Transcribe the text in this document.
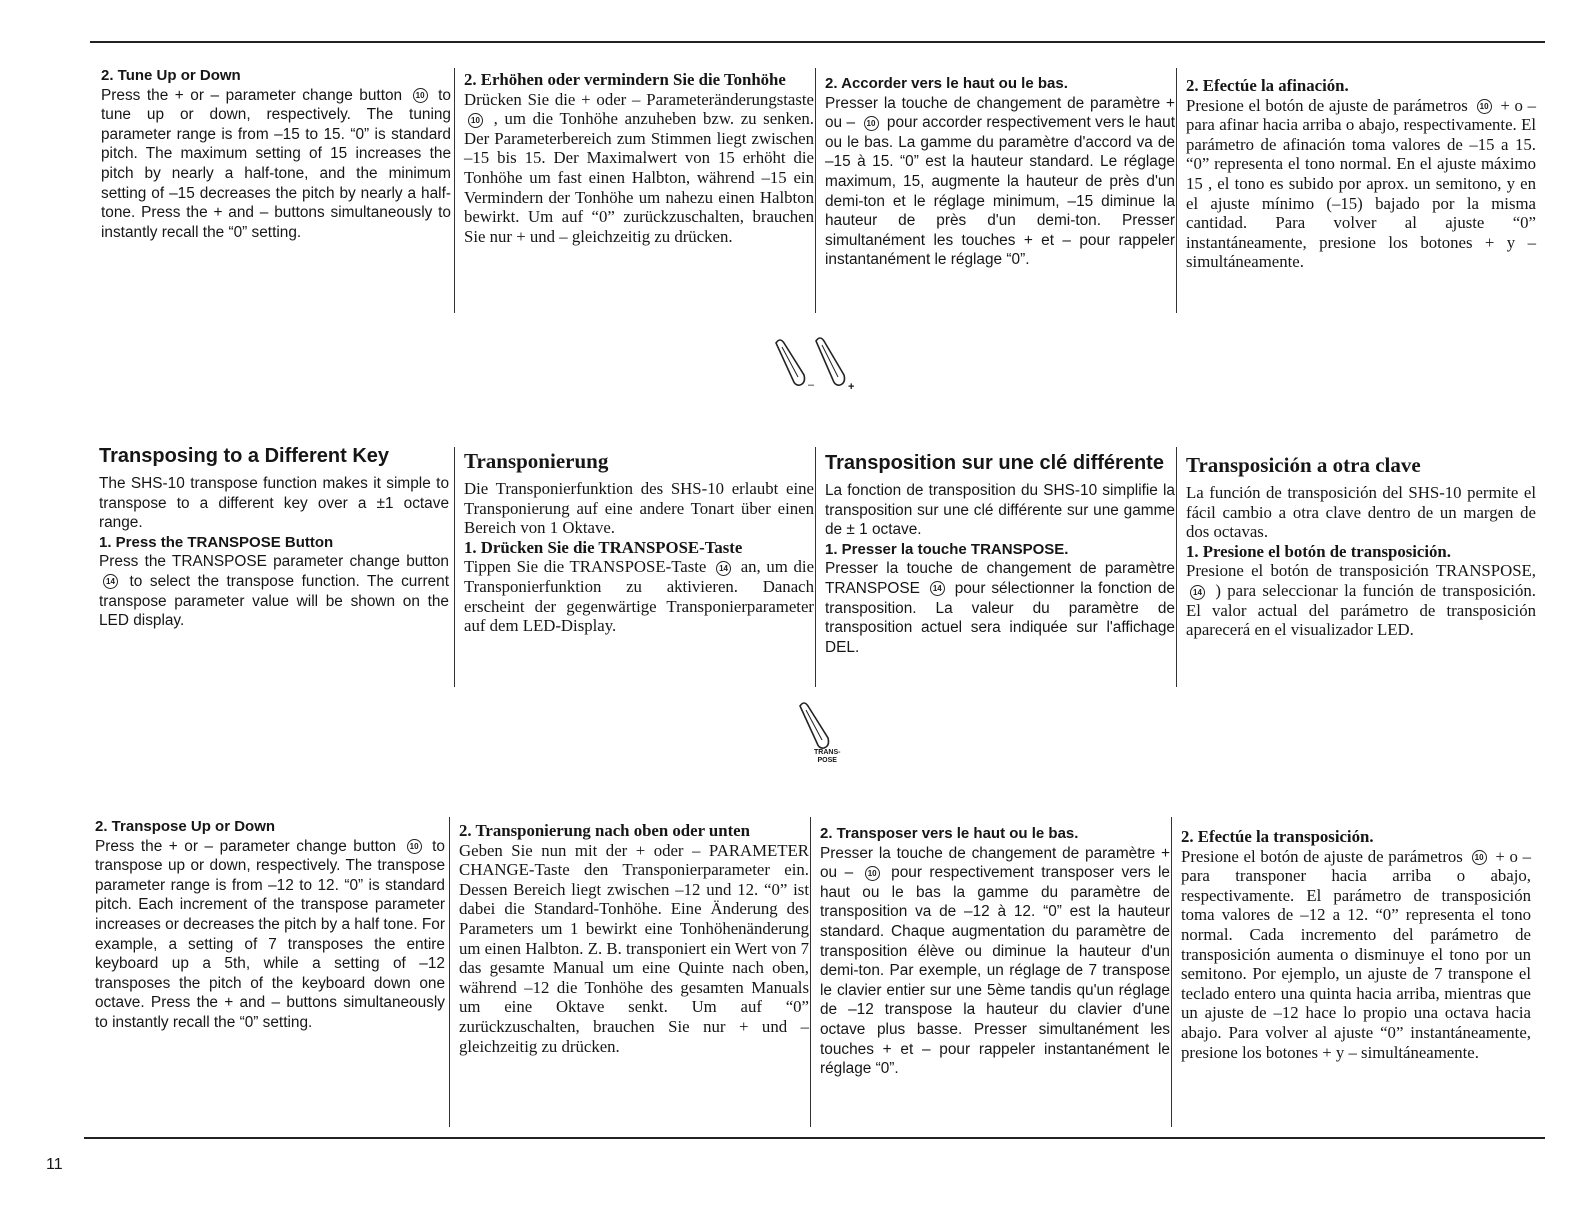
2. Tune Up or Down

Press the + or – parameter change button 10 to tune up or down, respectively. The tuning parameter range is from –15 to 15. “0” is standard pitch. The maximum setting of 15 increases the pitch by nearly a half-tone, and the minimum setting of –15 decreases the pitch by nearly a half-tone. Press the + and – buttons simultaneously to instantly recall the “0” setting.

2. Erhöhen oder vermindern Sie die Tonhöhe

Drücken Sie die + oder – Parameteränderungstaste 10 , um die Tonhöhe anzuheben bzw. zu senken. Der Parameterbereich zum Stimmen liegt zwischen –15 bis 15. Der Maximalwert von 15 erhöht die Tonhöhe um fast einen Halbton, während –15 ein Vermindern der Tonhöhe um nahezu einen Halbton bewirkt. Um auf “0” zurückzuschalten, brauchen Sie nur + und – gleichzeitig zu drücken.

2. Accorder vers le haut ou le bas.

Presser la touche de changement de paramètre + ou – 10 pour accorder respectivement vers le haut ou le bas. La gamme du paramètre d'accord va de –15 à 15. “0” est la hauteur standard. Le réglage maximum, 15, augmente la hauteur de près d'un demi-ton et le réglage minimum, –15 diminue la hauteur de près d'un demi-ton. Presser simultanément les touches + et – pour rappeler instantanément le réglage “0”.

2. Efectúe la afinación.

Presione el botón de ajuste de parámetros 10 + o – para afinar hacia arriba o abajo, respectivamente. El parámetro de afinación toma valores de –15 a 15. “0” representa el tono normal. En el ajuste máximo 15 , el tono es subido por aprox. un semitono, y en el ajuste mínimo (–15) bajado por la misma cantidad. Para volver al ajuste “0” instantáneamente, presione los botones + y – simultáneamente.

–	+
Transposing to a Different Key

The SHS-10 transpose function makes it simple to transpose to a different key over a ±1 octave range.

1. Press the TRANSPOSE Button

Press the TRANSPOSE parameter change button 14 to select the transpose function. The current transpose parameter value will be shown on the LED display.

Transponierung

Die Transponierfunktion des SHS-10 erlaubt eine Transponierung auf eine andere Tonart über einen Bereich von 1 Oktave.

1. Drücken Sie die TRANSPOSE-Taste

Tippen Sie die TRANSPOSE-Taste 14 an, um die Transponierfunktion zu aktivieren. Danach erscheint der gegenwärtige Transponierparameter auf dem LED-Display.

Transposition sur une clé différente

La fonction de transposition du SHS-10 simplifie la transposition sur une clé différente sur une gamme de ± 1 octave.

1. Presser la touche TRANSPOSE.

Presser la touche de changement de paramètre TRANSPOSE 14 pour sélectionner la fonction de transposition. La valeur du paramètre de transposition actuel sera indiquée sur l'affichage DEL.

Transposición a otra clave

La función de transposición del SHS-10 permite el fácil cambio a otra clave dentro de un margen de dos octavas.

1. Presione el botón de transposición.

Presione el botón de transposición TRANSPOSE, 14 ) para seleccionar la función de transposición. El valor actual del parámetro de transposición aparecerá en el visualizador LED.

TRANS-
POSE
2. Transpose Up or Down

Press the + or – parameter change button 10 to transpose up or down, respectively. The transpose parameter range is from –12 to 12. “0” is standard pitch. Each increment of the transpose parameter increases or decreases the pitch by a half tone. For example, a setting of 7 transposes the entire keyboard up a 5th, while a setting of –12 transposes the pitch of the keyboard down one octave. Press the + and – buttons simultaneously to instantly recall the “0” setting.

2. Transponierung nach oben oder unten

Geben Sie nun mit der + oder – PARAMETER CHANGE-Taste den Transponierparameter ein. Dessen Bereich liegt zwischen –12 und 12. “0” ist dabei die Standard-Tonhöhe. Eine Änderung des Parameters um 1 bewirkt eine Tonhöhenänderung um einen Halbton. Z. B. transponiert ein Wert von 7 das gesamte Manual um eine Quinte nach oben, während –12 die Tonhöhe des gesamten Manuals um eine Oktave senkt. Um auf “0” zurückzuschalten, brauchen Sie nur + und – gleichzeitig zu drücken.

2. Transposer vers le haut ou le bas.

Presser la touche de changement de paramètre + ou – 10 pour respectivement transposer vers le haut ou le bas la gamme du paramètre de transposition va de –12 à 12. “0” est la hauteur standard. Chaque augmentation du paramètre de transposition élève ou diminue la hauteur d'un demi-ton. Par exemple, un réglage de 7 transpose le clavier entier sur une 5ème tandis qu'un réglage de –12 transpose la hauteur du clavier d'une octave plus basse. Presser simultanément les touches + et – pour rappeler instantanément le réglage “0”.

2. Efectúe la transposición.

Presione el botón de ajuste de parámetros 10 + o – para transponer hacia arriba o abajo, respectivamente. El parámetro de transposición toma valores de –12 a 12. “0” representa el tono normal. Cada incremento del parámetro de transposición aumenta o disminuye el tono por un semitono. Por ejemplo, un ajuste de 7 transpone el teclado entero una quinta hacia arriba, mientras que un ajuste de –12 hace lo propio una octava hacia abajo. Para volver al ajuste “0” instantáneamente, presione los botones + y – simultáneamente.

11
